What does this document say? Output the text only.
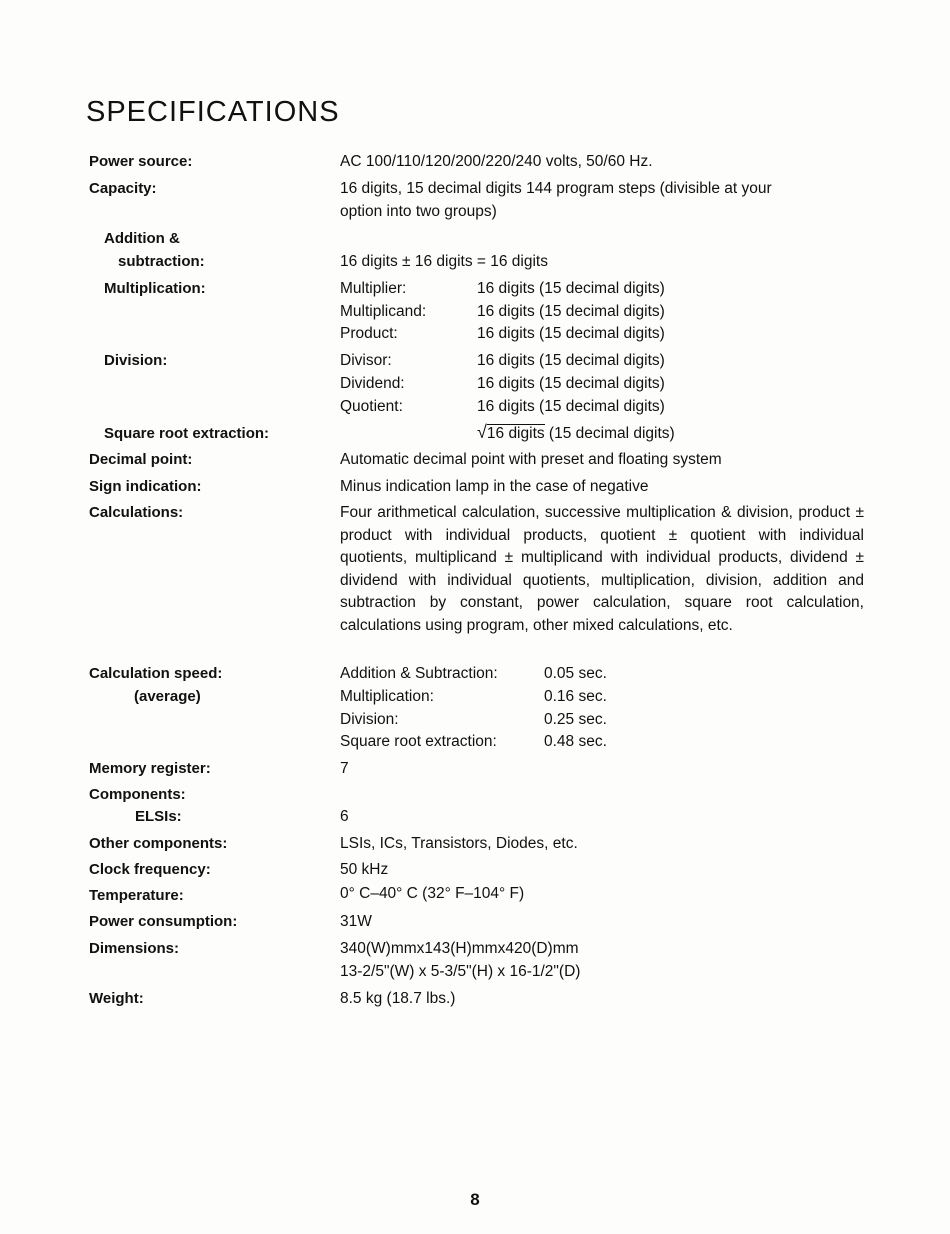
SPECIFICATIONS
Power source:	AC 100/110/120/200/220/240 volts, 50/60 Hz.
Capacity:	16 digits, 15 decimal digits 144 program steps (divisible at your
option into two groups)
Addition &
subtraction:	16 digits ± 16 digits = 16 digits
Multiplication:	Multiplier:	16 digits (15 decimal digits)
Multiplicand:	16 digits (15 decimal digits)
Product:	16 digits (15 decimal digits)
Division:	Divisor:	16 digits (15 decimal digits)
Dividend:	16 digits (15 decimal digits)
Quotient:	16 digits (15 decimal digits)
Square root extraction:	√16 digits (15 decimal digits)
Decimal point:	Automatic decimal point with preset and floating system
Sign indication:	Minus indication lamp in the case of negative
Calculations:	Four arithmetical calculation, successive multiplication & division, product ± product with individual products, quotient ± quotient with individual quotients, multiplicand ± multiplicand with individual products, dividend ± dividend with individual quotients, multiplication, division, addition and subtraction by constant, power calculation, square root calculation, calculations using program, other mixed calculations, etc.
Calculation speed:
(average)
Addition & Subtraction:	0.05 sec.
Multiplication:	0.16 sec.
Division:	0.25 sec.
Square root extraction:	0.48 sec.
Memory register:	7
Components:
ELSIs:	6
Other components:	LSIs, ICs, Transistors, Diodes, etc.
Clock frequency:	50 kHz
Temperature:	0° C–40° C (32° F–104° F)
Power consumption:	31W
Dimensions:	340(W)mmx143(H)mmx420(D)mm
13-2/5"(W) x 5-3/5"(H) x 16-1/2"(D)
Weight:	8.5 kg (18.7 lbs.)
8
